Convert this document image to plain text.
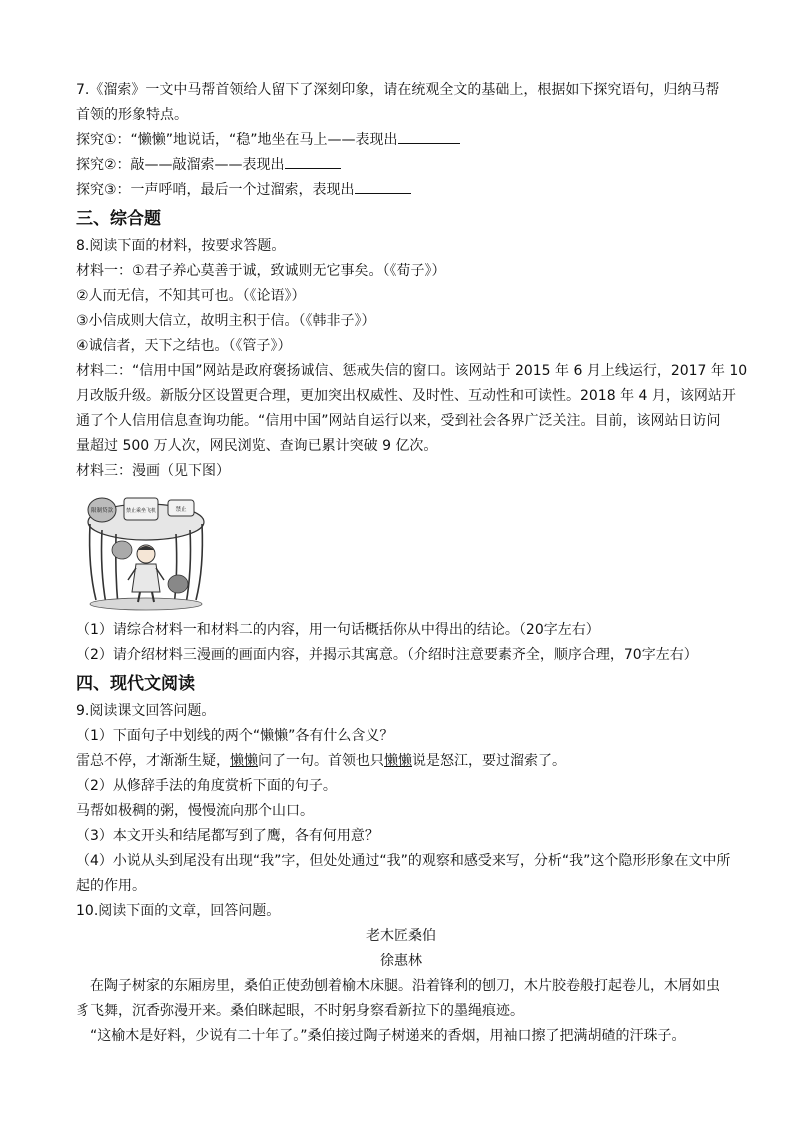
7.《溜索》一文中马帮首领给人留下了深刻印象，请在统观全文的基础上，根据如下探究语句，归纳马帮
首领的形象特点。
探究①：“懒懒”地说话，“稳”地坐在马上——表现出
探究②：敲——敲溜索——表现出
探究③：一声呼哨，最后一个过溜索，表现出
三、综合题
8.阅读下面的材料，按要求答题。
材料一：①君子养心莫善于诚，致诚则无它事矣。（《荀子》）
②人而无信，不知其可也。（《论语》）
③小信成则大信立，故明主积于信。（《韩非子》）
④诚信者，天下之结也。（《管子》）
材料二：“信用中国”网站是政府褒扬诚信、惩戒失信的窗口。该网站于 2015 年 6 月上线运行，2017 年 10
月改版升级。新版分区设置更合理，更加突出权威性、及时性、互动性和可读性。2018 年 4 月，该网站开
通了个人信用信息查询功能。“信用中国”网站自运行以来，受到社会各界广泛关注。目前，该网站日访问
量超过 500 万人次，网民浏览、查询已累计突破 9 亿次。
材料三：漫画（见下图）
限制贷款	禁止乘坐飞机	禁止
（1）请综合材料一和材料二的内容，用一句话概括你从中得出的结论。（20字左右）
（2）请介绍材料三漫画的画面内容，并揭示其寓意。（介绍时注意要素齐全，顺序合理，70字左右）
四、现代文阅读
9.阅读课文回答问题。
（1）下面句子中划线的两个“懒懒”各有什么含义？
雷总不停，才渐渐生疑，懒懒问了一句。首领也只懒懒说是怒江，要过溜索了。
（2）从修辞手法的角度赏析下面的句子。
马帮如极稠的粥，慢慢流向那个山口。
（3）本文开头和结尾都写到了鹰，各有何用意？
（4）小说从头到尾没有出现“我”字，但处处通过“我”的观察和感受来写，分析“我”这个隐形形象在文中所
起的作用。
10.阅读下面的文章，回答问题。
老木匠桑伯
徐惠林
在陶子树家的东厢房里，桑伯正使劲刨着榆木床腿。沿着锋利的刨刀，木片胶卷般打起卷儿，木屑如虫
豸飞舞，沉香弥漫开来。桑伯眯起眼，不时躬身察看新拉下的墨绳痕迹。
“这榆木是好料，少说有二十年了。”桑伯接过陶子树递来的香烟，用袖口擦了把满胡碴的汗珠子。
